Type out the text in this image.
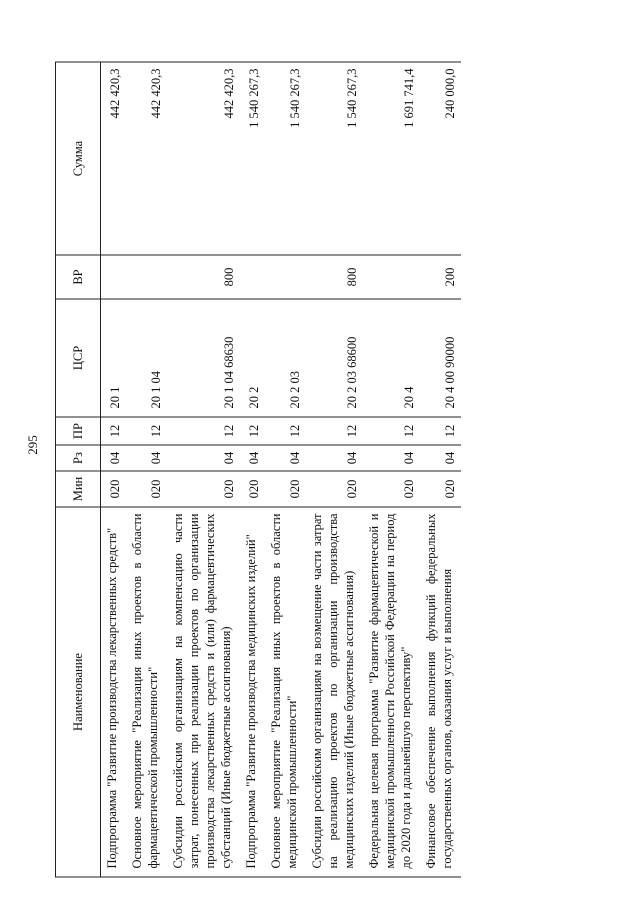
295
Наименование	Мин	Рз	ПР	ЦСР	ВР	Сумма
Подпрограмма "Развитие производства лекарственных средств"	020	04	12	20 1		442 420,3
Основное мероприятие "Реализация иных проектов в области фармацевтической промышленности"	020	04	12	20 1 04		442 420,3
Субсидии российским организациям на компенсацию части затрат, понесенных при реализации проектов по организации производства лекарственных средств и (или) фармацевтических субстанций (Иные бюджетные ассигнования)	020	04	12	20 1 04 68630	800	442 420,3
Подпрограмма "Развитие производства медицинских изделий"	020	04	12	20 2		1 540 267,3
Основное мероприятие "Реализация иных проектов в области медицинской промышленности"	020	04	12	20 2 03		1 540 267,3
Субсидии российским организациям на возмещение части затрат на реализацию проектов по организации производства медицинских изделий (Иные бюджетные ассигнования)	020	04	12	20 2 03 68600	800	1 540 267,3
Федеральная целевая программа "Развитие фармацевтической и медицинской промышленности Российской Федерации на период до 2020 года и дальнейшую перспективу"	020	04	12	20 4		1 691 741,4
Финансовое обеспечение выполнения функций федеральных государственных органов, оказания услуг и выполнения	020	04	12	20 4 00 90000	200	240 000,0
